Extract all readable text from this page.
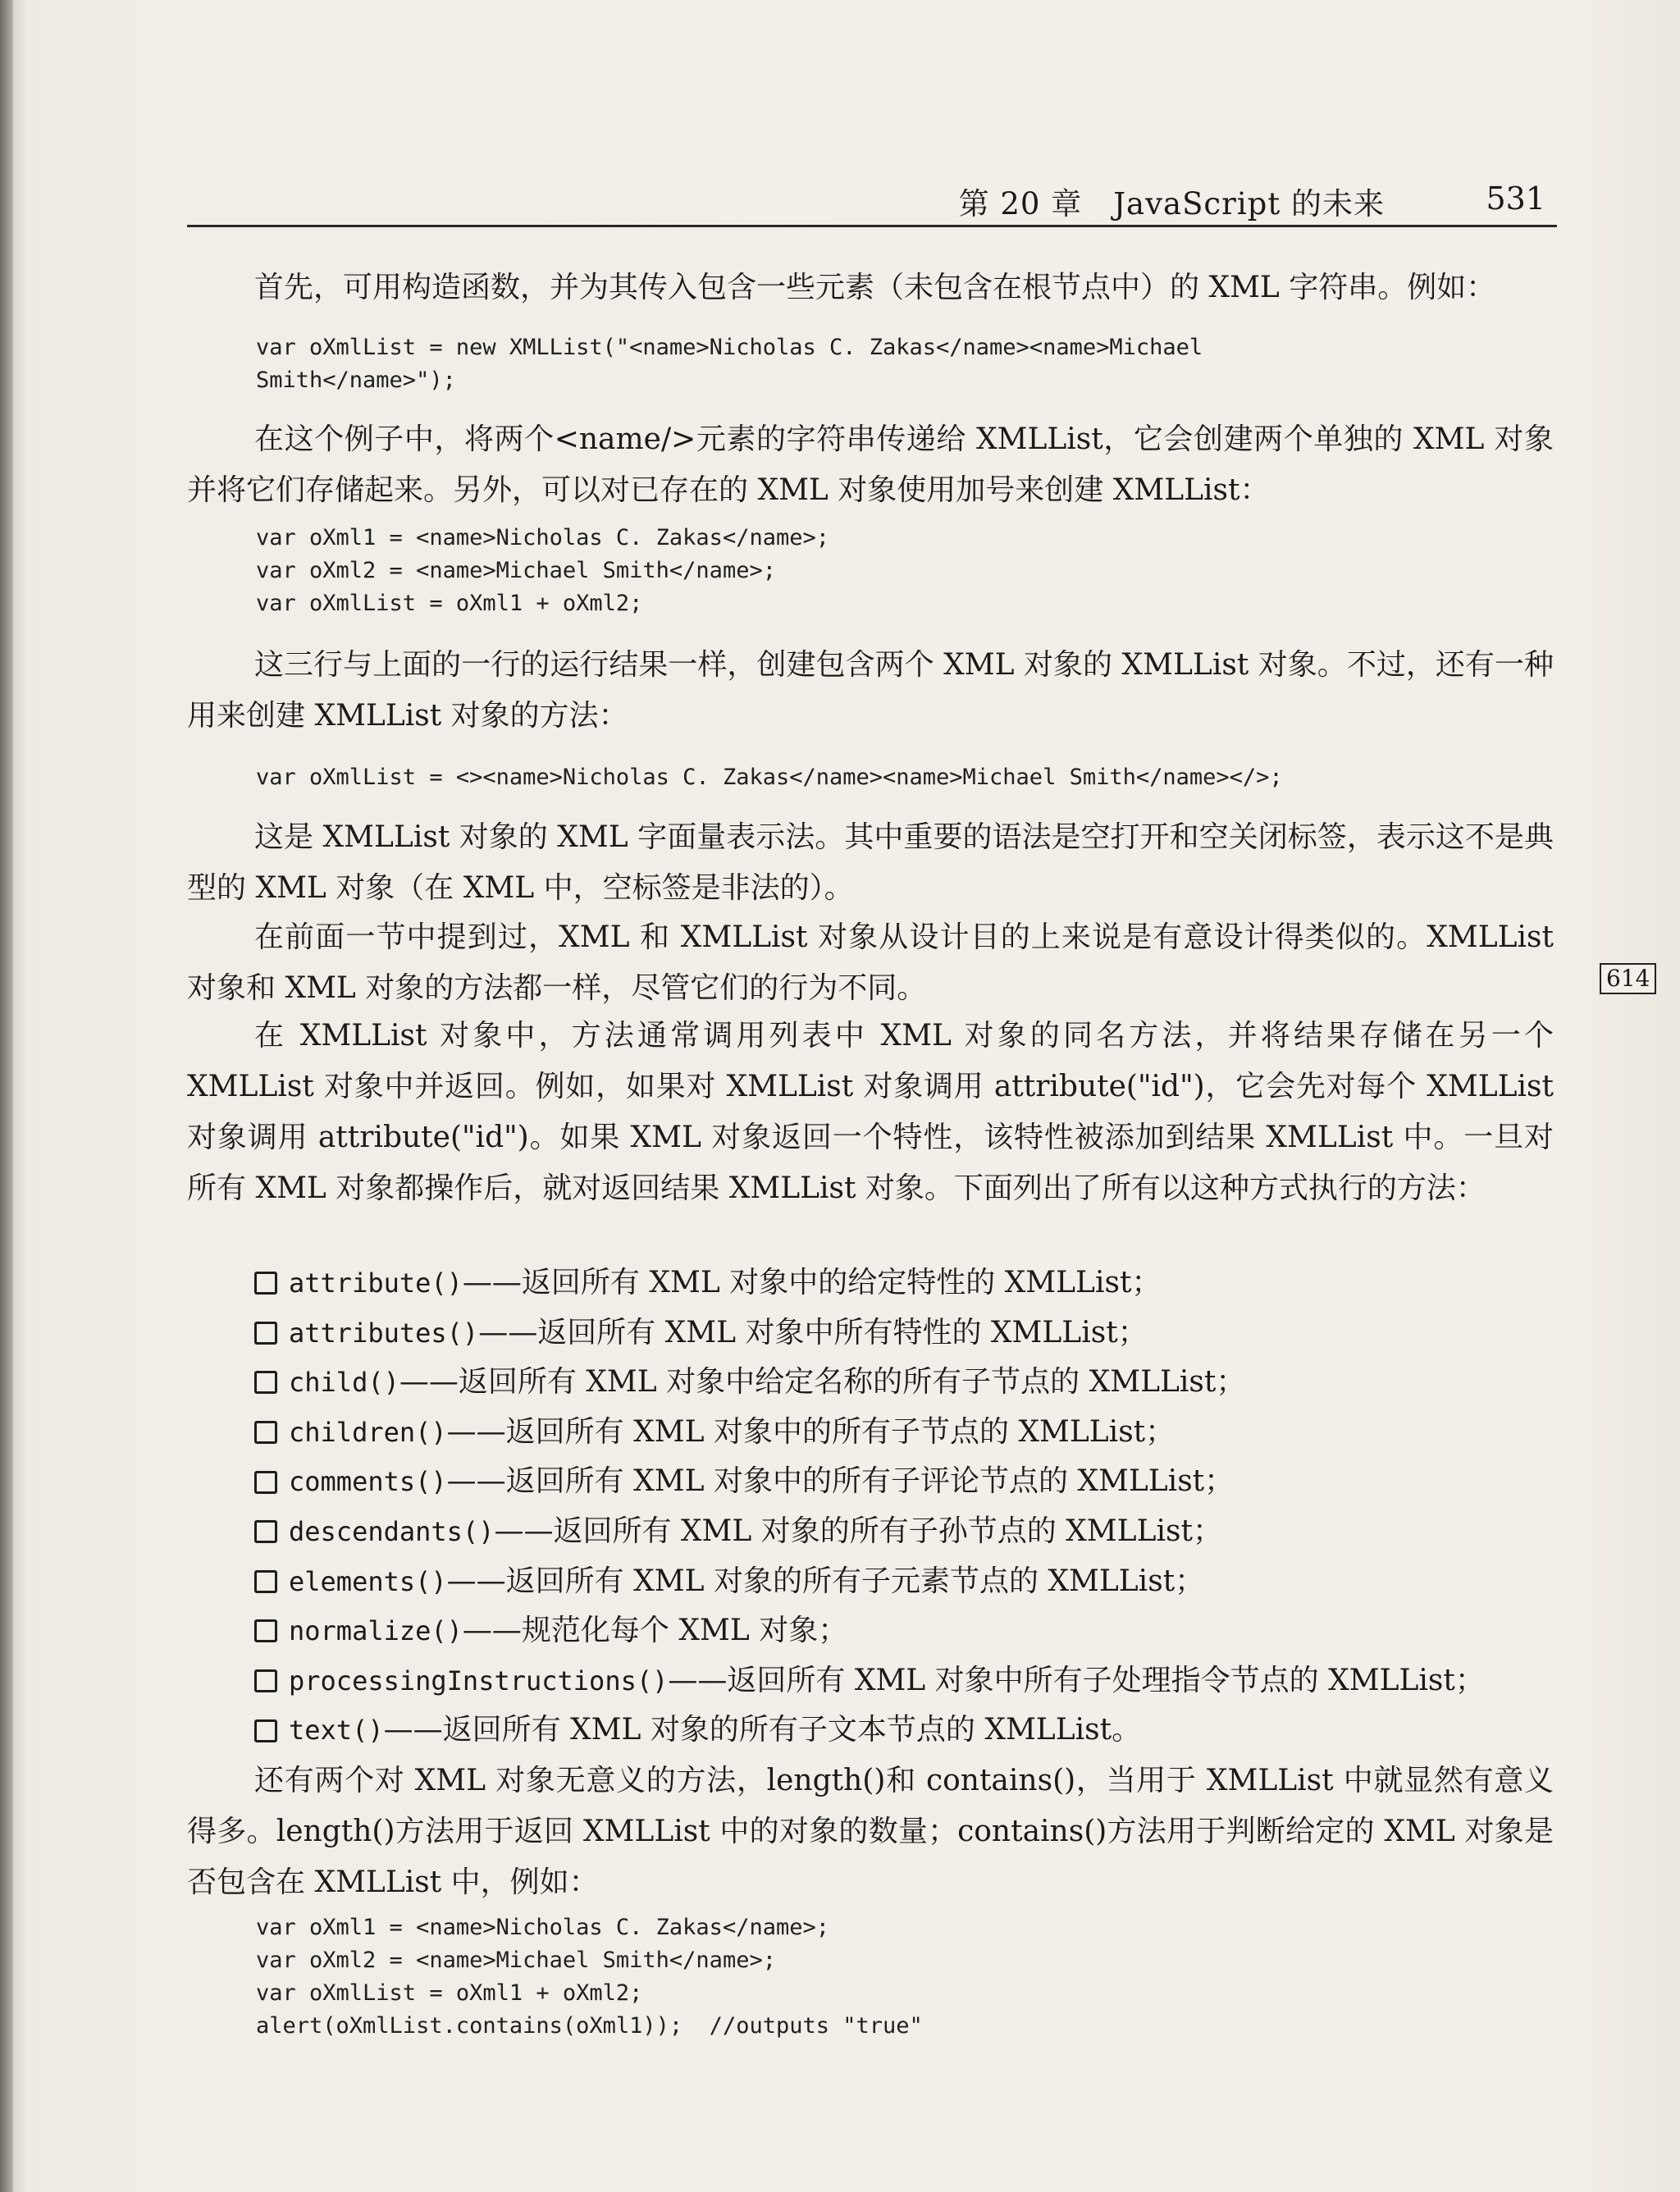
第 20 章　JavaScript 的未来	531
614

首先，可用构造函数，并为其传入包含一些元素（未包含在根节点中）的 XML 字符串。例如：

var oXmlList = new XMLList("<name>Nicholas C. Zakas</name><name>Michael
Smith</name>");

在这个例子中，将两个<name/>元素的字符串传递给 XMLList，它会创建两个单独的 XML 对象并将它们存储起来。另外，可以对已存在的 XML 对象使用加号来创建 XMLList：

var oXml1 = <name>Nicholas C. Zakas</name>;
var oXml2 = <name>Michael Smith</name>;
var oXmlList = oXml1 + oXml2;

这三行与上面的一行的运行结果一样，创建包含两个 XML 对象的 XMLList 对象。不过，还有一种用来创建 XMLList 对象的方法：

var oXmlList = <><name>Nicholas C. Zakas</name><name>Michael Smith</name></>;

这是 XMLList 对象的 XML 字面量表示法。其中重要的语法是空打开和空关闭标签，表示这不是典型的 XML 对象（在 XML 中，空标签是非法的）。

在前面一节中提到过，XML 和 XMLList 对象从设计目的上来说是有意设计得类似的。XMLList 对象和 XML 对象的方法都一样，尽管它们的行为不同。

在 XMLList 对象中，方法通常调用列表中 XML 对象的同名方法，并将结果存储在另一个 XMLList 对象中并返回。例如，如果对 XMLList 对象调用 attribute("id")，它会先对每个 XMLList 对象调用 attribute("id")。如果 XML 对象返回一个特性，该特性被添加到结果 XMLList 中。一旦对所有 XML 对象都操作后，就对返回结果 XMLList 对象。下面列出了所有以这种方式执行的方法：

attribute() ——返回所有 XML 对象中的给定特性的 XMLList；
attributes() ——返回所有 XML 对象中所有特性的 XMLList；
child() ——返回所有 XML 对象中给定名称的所有子节点的 XMLList；
children() ——返回所有 XML 对象中的所有子节点的 XMLList；
comments() ——返回所有 XML 对象中的所有子评论节点的 XMLList；
descendants() ——返回所有 XML 对象的所有子孙节点的 XMLList；
elements() ——返回所有 XML 对象的所有子元素节点的 XMLList；
normalize() ——规范化每个 XML 对象；
processingInstructions() ——返回所有 XML 对象中所有子处理指令节点的 XMLList；
text() ——返回所有 XML 对象的所有子文本节点的 XMLList。

还有两个对 XML 对象无意义的方法，length()和 contains()，当用于 XMLList 中就显然有意义得多。length()方法用于返回 XMLList 中的对象的数量；contains()方法用于判断给定的 XML 对象是否包含在 XMLList 中，例如：

var oXml1 = <name>Nicholas C. Zakas</name>;
var oXml2 = <name>Michael Smith</name>;
var oXmlList = oXml1 + oXml2;
alert(oXmlList.contains(oXml1));  //outputs "true"
